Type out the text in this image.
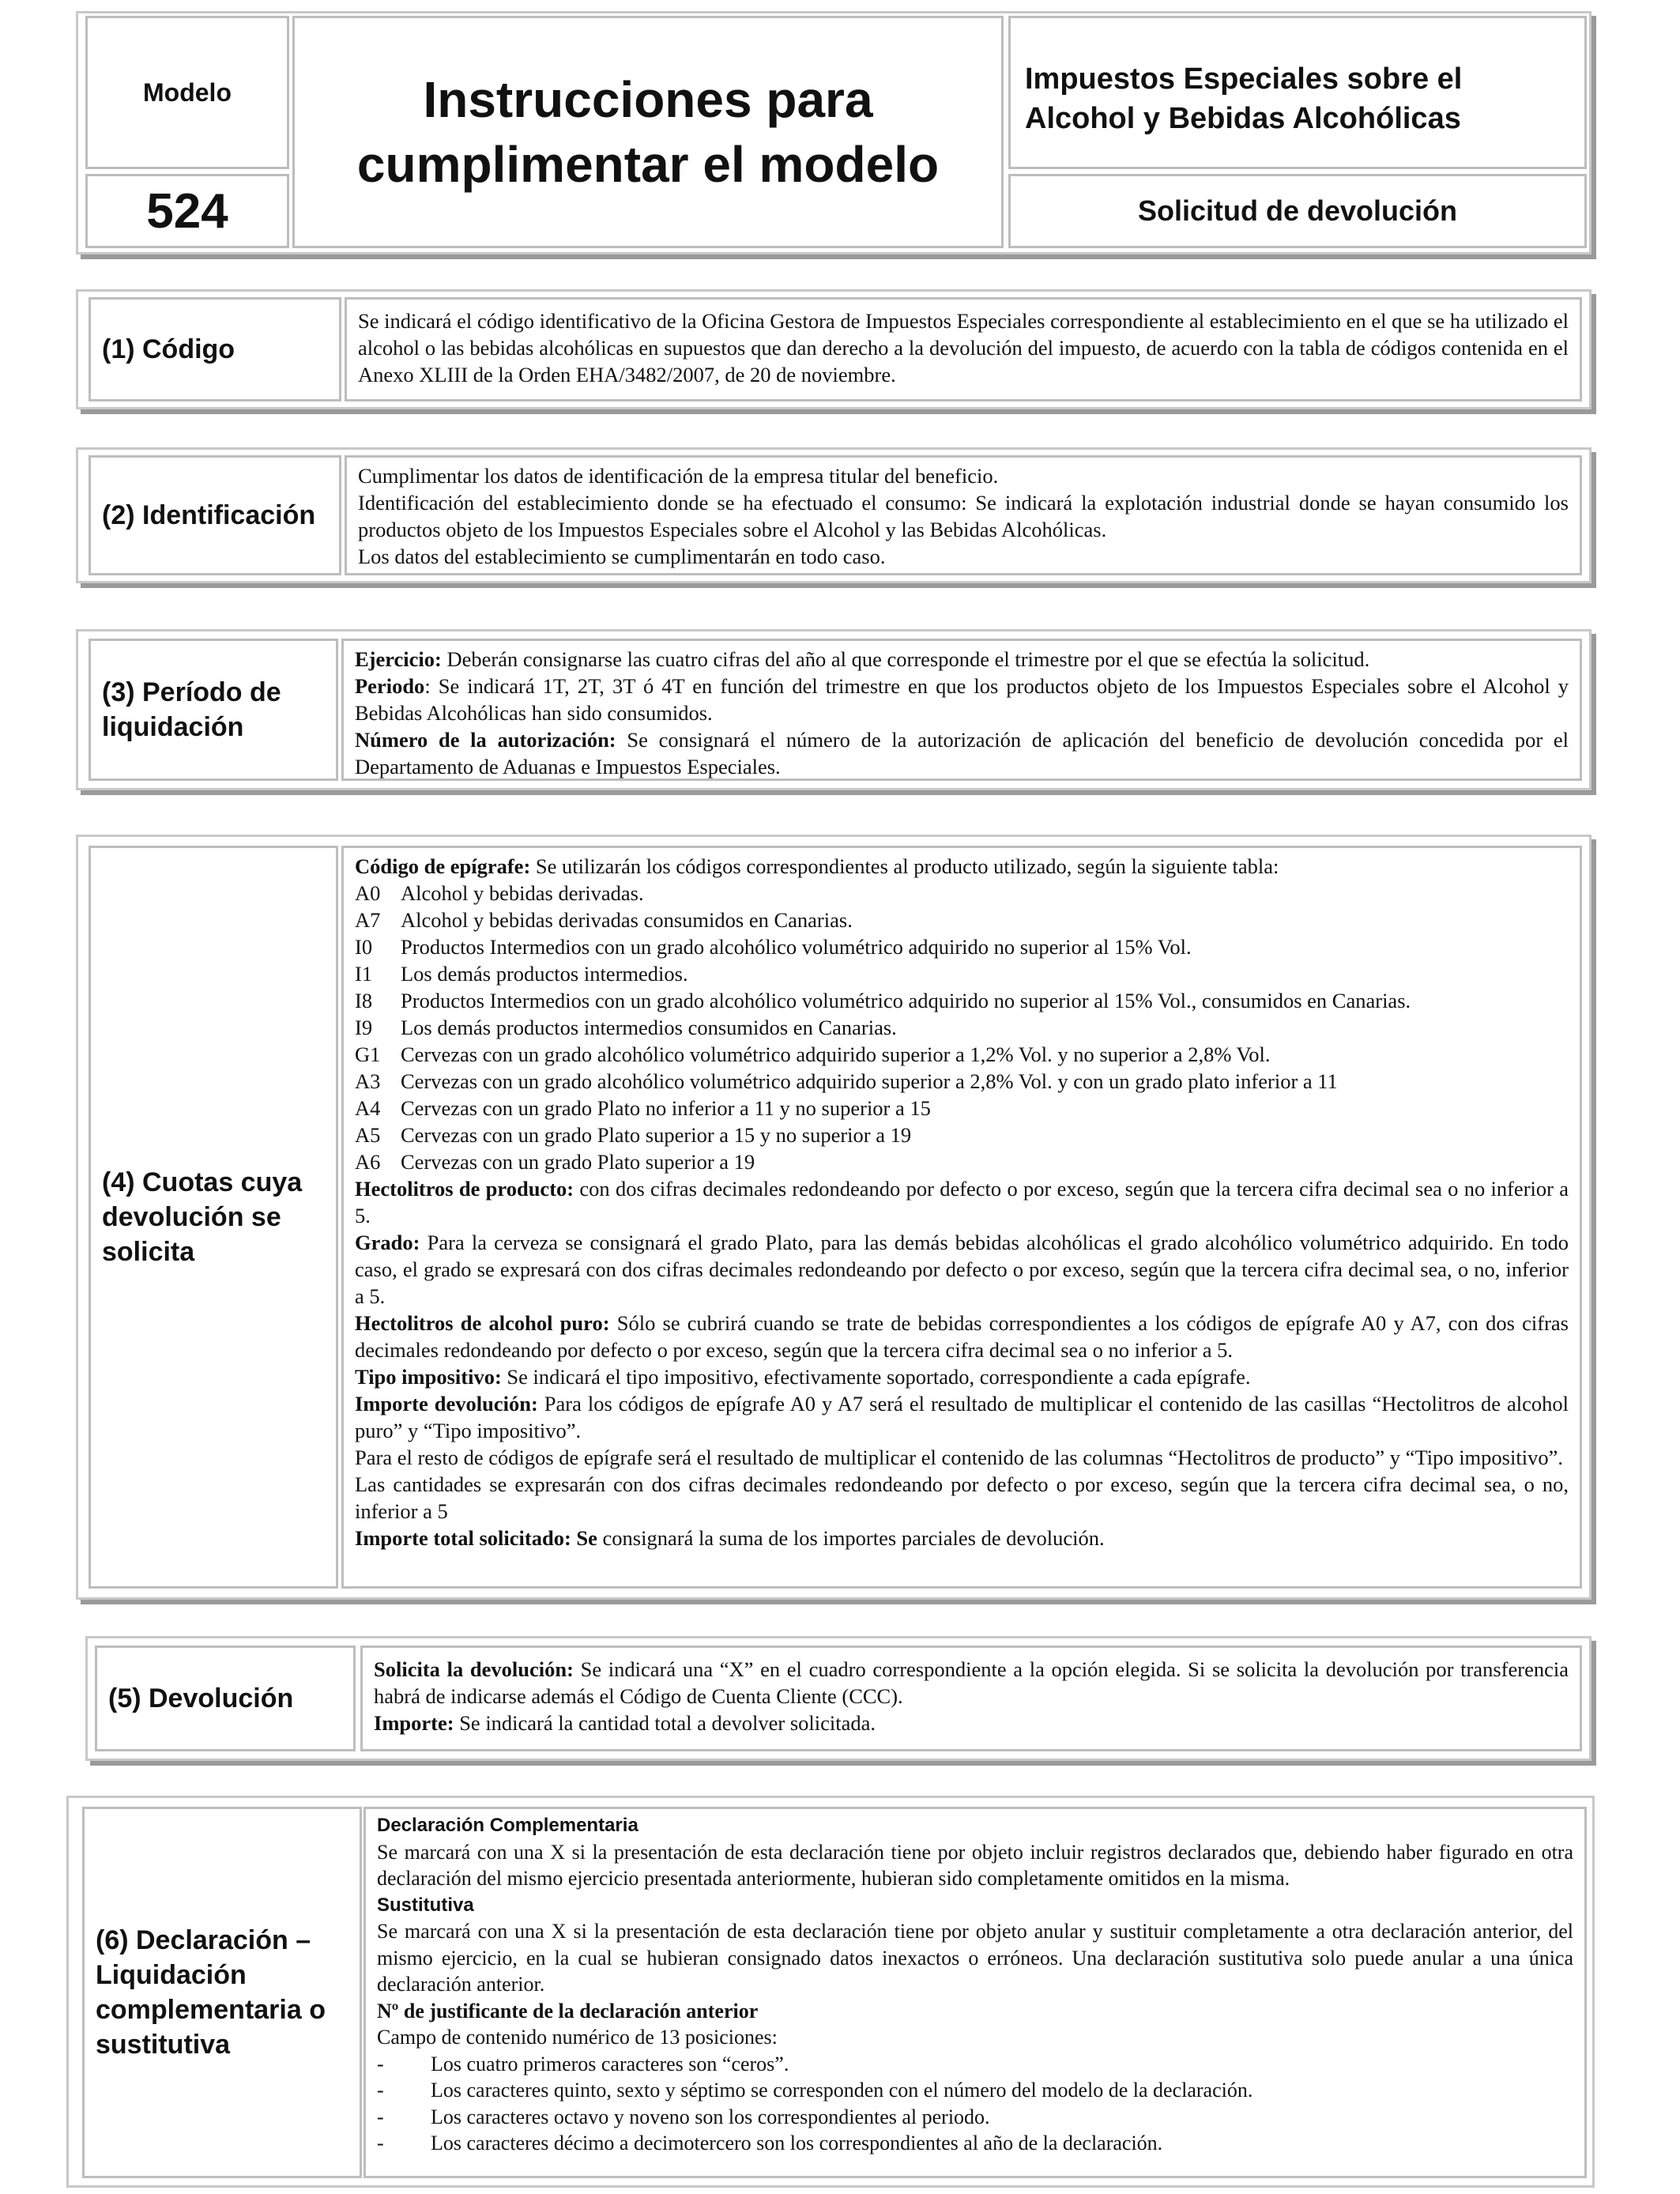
Modelo
524
Instrucciones para
cumplimentar el modelo
Impuestos Especiales sobre el
Alcohol y Bebidas Alcohólicas
Solicitud de devolución
(1) Código

Se indicará el código identificativo de la Oficina Gestora de Impuestos Especiales correspondiente al establecimiento en el que se ha utilizado el alcohol o las bebidas alcohólicas en supuestos que dan derecho a la devolución del impuesto, de acuerdo con la tabla de códigos contenida en el Anexo XLIII de la Orden EHA/3482/2007, de 20 de noviembre.

(2) Identificación

Cumplimentar los datos de identificación de la empresa titular del beneficio.

Identificación del establecimiento donde se ha efectuado el consumo: Se indicará la explotación industrial donde se hayan consumido los productos objeto de los Impuestos Especiales sobre el Alcohol y las Bebidas Alcohólicas.

Los datos del establecimiento se cumplimentarán en todo caso.

(3) Período de
liquidación

Ejercicio: Deberán consignarse las cuatro cifras del año al que corresponde el trimestre por el que se efectúa la solicitud.

Periodo: Se indicará 1T, 2T, 3T ó 4T en función del trimestre en que los productos objeto de los Impuestos Especiales sobre el Alcohol y Bebidas Alcohólicas han sido consumidos.

Número de la autorización: Se consignará el número de la autorización de aplicación del beneficio de devolución concedida por el Departamento de Aduanas e Impuestos Especiales.

(4) Cuotas cuya
devolución se
solicita

Código de epígrafe: Se utilizarán los códigos correspondientes al producto utilizado, según la siguiente tabla:

A0 Alcohol y bebidas derivadas.
A7 Alcohol y bebidas derivadas consumidos en Canarias.
I0	Productos Intermedios con un grado alcohólico volumétrico adquirido no superior al 15% Vol.
I1	Los demás productos intermedios.
I8	Productos Intermedios con un grado alcohólico volumétrico adquirido no superior al 15% Vol., consumidos en Canarias.
I9	Los demás productos intermedios consumidos en Canarias.
G1 Cervezas con un grado alcohólico volumétrico adquirido superior a 1,2% Vol. y no superior a 2,8% Vol.
A3 Cervezas con un grado alcohólico volumétrico adquirido superior a 2,8% Vol. y con un grado plato inferior a 11
A4 Cervezas con un grado Plato no inferior a 11 y no superior a 15
A5 Cervezas con un grado Plato superior a 15 y no superior a 19
A6 Cervezas con un grado Plato superior a 19

Hectolitros de producto: con dos cifras decimales redondeando por defecto o por exceso, según que la tercera cifra decimal sea o no inferior a 5.

Grado: Para la cerveza se consignará el grado Plato, para las demás bebidas alcohólicas el grado alcohólico volumétrico adquirido. En todo caso, el grado se expresará con dos cifras decimales redondeando por defecto o por exceso, según que la tercera cifra decimal sea, o no, inferior a 5.

Hectolitros de alcohol puro: Sólo se cubrirá cuando se trate de bebidas correspondientes a los códigos de epígrafe A0 y A7, con dos cifras decimales redondeando por defecto o por exceso, según que la tercera cifra decimal sea o no inferior a 5.

Tipo impositivo: Se indicará el tipo impositivo, efectivamente soportado, correspondiente a cada epígrafe.

Importe devolución: Para los códigos de epígrafe A0 y A7 será el resultado de multiplicar el contenido de las casillas “Hectolitros de alcohol puro” y “Tipo impositivo”.

Para el resto de códigos de epígrafe será el resultado de multiplicar el contenido de las columnas “Hectolitros de producto” y “Tipo impositivo”.

Las cantidades se expresarán con dos cifras decimales redondeando por defecto o por exceso, según que la tercera cifra decimal sea, o no, inferior a 5

Importe total solicitado: Se consignará la suma de los importes parciales de devolución.

(5) Devolución

Solicita la devolución: Se indicará una “X” en el cuadro correspondiente a la opción elegida. Si se solicita la devolución por transferencia habrá de indicarse además el Código de Cuenta Cliente (CCC).

Importe: Se indicará la cantidad total a devolver solicitada.

(6) Declaración –
Liquidación
complementaria o
sustitutiva

Declaración Complementaria

Se marcará con una X si la presentación de esta declaración tiene por objeto incluir registros declarados que, debiendo haber figurado en otra declaración del mismo ejercicio presentada anteriormente, hubieran sido completamente omitidos en la misma.

Sustitutiva

Se marcará con una X si la presentación de esta declaración tiene por objeto anular y sustituir completamente a otra declaración anterior, del mismo ejercicio, en la cual se hubieran consignado datos inexactos o erróneos. Una declaración sustitutiva solo puede anular a una única declaración anterior.

Nº de justificante de la declaración anterior

Campo de contenido numérico de 13 posiciones:

-	Los cuatro primeros caracteres son “ceros”.
-	Los caracteres quinto, sexto y séptimo se corresponden con el número del modelo de la declaración.
-	Los caracteres octavo y noveno son los correspondientes al periodo.
-	Los caracteres décimo a decimotercero son los correspondientes al año de la declaración.
